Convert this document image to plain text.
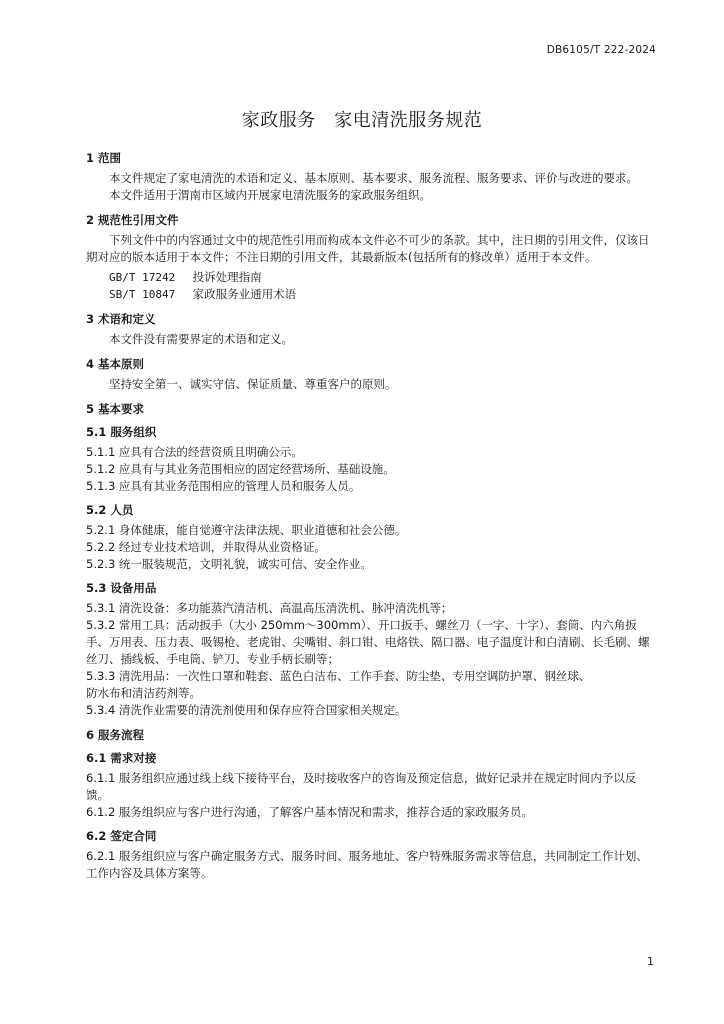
DB6105/T 222-2024
家政服务　家电清洗服务规范
1 范围

本文件规定了家电清洗的术语和定义、基本原则、基本要求、服务流程、服务要求、评价与改进的要求。

本文件适用于渭南市区域内开展家电清洗服务的家政服务组织。

2 规范性引用文件

下列文件中的内容通过文中的规范性引用而构成本文件必不可少的条款。其中，注日期的引用文件，仅该日期对应的版本适用于本文件；不注日期的引用文件，其最新版本(包括所有的修改单）适用于本文件。

GB/T 17242 投诉处理指南

SB/T 10847 家政服务业通用术语

3 术语和定义

本文件没有需要界定的术语和定义。

4 基本原则

坚持安全第一、诚实守信、保证质量、尊重客户的原则。

5 基本要求
5.1 服务组织

5.1.1 应具有合法的经营资质且明确公示。

5.1.2 应具有与其业务范围相应的固定经营场所、基础设施。

5.1.3 应具有其业务范围相应的管理人员和服务人员。

5.2 人员

5.2.1 身体健康，能自觉遵守法律法规、职业道德和社会公德。

5.2.2 经过专业技术培训，并取得从业资格证。

5.2.3 统一服装规范，文明礼貌，诚实可信、安全作业。

5.3 设备用品

5.3.1 清洗设备：多功能蒸汽清洁机、高温高压清洗机、脉冲清洗机等；

5.3.2 常用工具：活动扳手（大小 250mm～300mm）、开口扳手、螺丝刀（一字、十字）、套筒、内六角扳手、万用表、压力表、吸锡枪、老虎钳、尖嘴钳、斜口钳、电烙铁、隔口器、电子温度计和白清刷、长毛刷、螺丝刀、插线板、手电筒、铲刀、专业手柄长刷等；

5.3.3 清洗用品：一次性口罩和鞋套、蓝色白洁布、工作手套、防尘垫、专用空调防护罩、钢丝球、

防水布和清洁药剂等。

5.3.4 清洗作业需要的清洗剂使用和保存应符合国家相关规定。

6 服务流程
6.1 需求对接

6.1.1 服务组织应通过线上线下接待平台，及时接收客户的咨询及预定信息，做好记录并在规定时间内予以反馈。

6.1.2 服务组织应与客户进行沟通，了解客户基本情况和需求，推荐合适的家政服务员。

6.2 签定合同

6.2.1 服务组织应与客户确定服务方式、服务时间、服务地址、客户特殊服务需求等信息，共同制定工作计划、工作内容及具体方案等。

1
